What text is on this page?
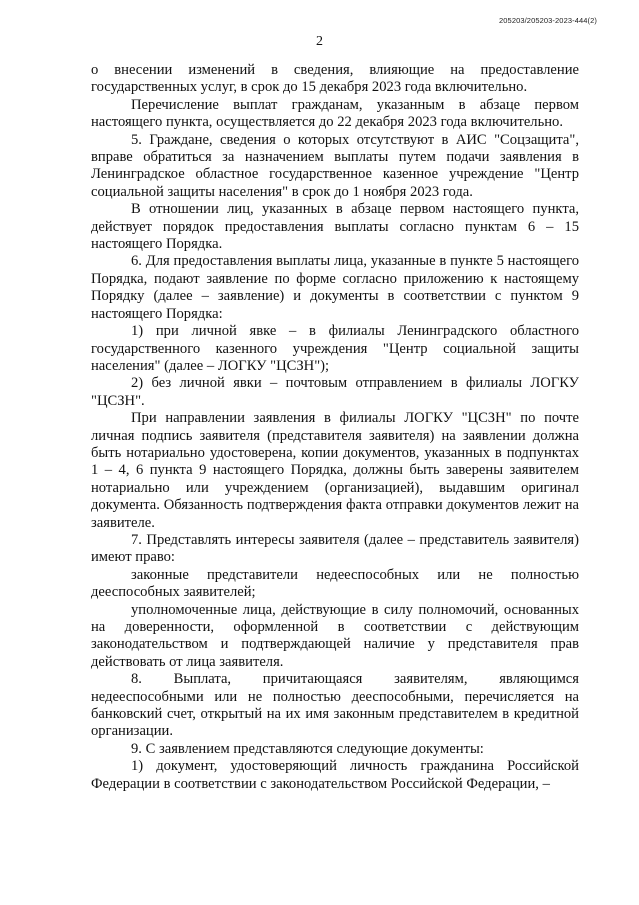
205203/205203-2023-444(2)
2

о внесении изменений в сведения, влияющие на предоставление государственных услуг, в срок до 15 декабря 2023 года включительно.

Перечисление выплат гражданам, указанным в абзаце первом настоящего пункта, осуществляется до 22 декабря 2023 года включительно.

5. Граждане, сведения о которых отсутствуют в АИС "Соцзащита", вправе обратиться за назначением выплаты путем подачи заявления в Ленинградское областное государственное казенное учреждение "Центр социальной защиты населения" в срок до 1 ноября 2023 года.

В отношении лиц, указанных в абзаце первом настоящего пункта, действует порядок предоставления выплаты согласно пунктам 6 – 15 настоящего Порядка.

6. Для предоставления выплаты лица, указанные в пункте 5 настоящего Порядка, подают заявление по форме согласно приложению к настоящему Порядку (далее – заявление) и документы в соответствии с пунктом 9 настоящего Порядка:

1) при личной явке – в филиалы Ленинградского областного государственного казенного учреждения "Центр социальной защиты населения" (далее – ЛОГКУ "ЦСЗН");

2) без личной явки – почтовым отправлением в филиалы ЛОГКУ "ЦСЗН".

При направлении заявления в филиалы ЛОГКУ "ЦСЗН" по почте личная подпись заявителя (представителя заявителя) на заявлении должна быть нотариально удостоверена, копии документов, указанных в подпунктах 1 – 4, 6 пункта 9 настоящего Порядка, должны быть заверены заявителем нотариально или учреждением (организацией), выдавшим оригинал документа. Обязанность подтверждения факта отправки документов лежит на заявителе.

7. Представлять интересы заявителя (далее – представитель заявителя) имеют право:

законные представители недееспособных или не полностью дееспособных заявителей;

уполномоченные лица, действующие в силу полномочий, основанных на доверенности, оформленной в соответствии с действующим законодательством и подтверждающей наличие у представителя прав действовать от лица заявителя.

8. Выплата, причитающаяся заявителям, являющимся недееспособными или не полностью дееспособными, перечисляется на банковский счет, открытый на их имя законным представителем в кредитной организации.

9. С заявлением представляются следующие документы:

1) документ, удостоверяющий личность гражданина Российской Федерации в соответствии с законодательством Российской Федерации, –
